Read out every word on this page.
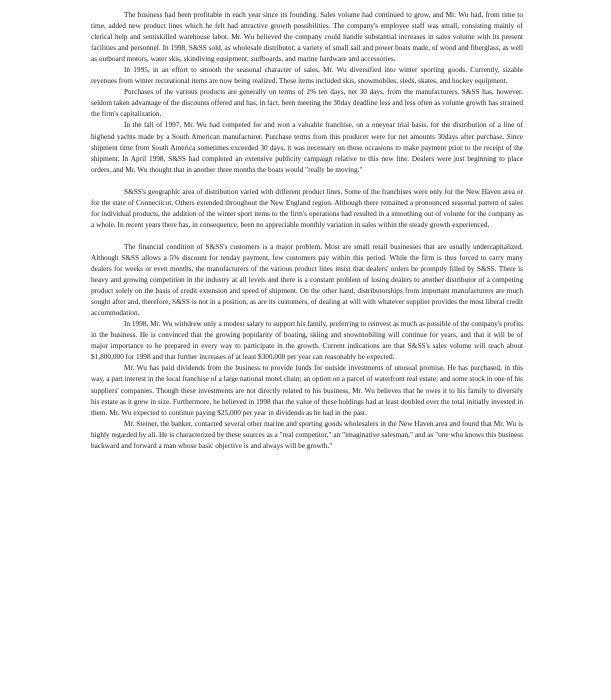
The business had been profitable in each year since its founding. Sales volume had continued to grow, and Mr. Wu had, from time to time, added new product lines which he felt had attractive growth possibilities. The company's employee staff was small, consisting mainly of clerical help and semiskilled warehouse labor. Mr. Wu believed the company could handle substantial increases in sales volume with its present facilities and personnel. In 1998, S&SS sold, as wholesale distributor, a variety of small sail and power boats made, of wood and fiberglass, as well as outboard motors, water skis, skindiving equipment, surfboards, and marine hardware and accessories.

In 1995, in an effort to smooth the seasonal character of sales, Mr. Wu diversified into winter sporting goods. Currently, sizable revenues from winter recreational items are now being realized. These items included skis, snowmobiles, sleds, skates, and hockey equipment.

Purchases of the various products are generally on terms of 2% ten days, net 30 days, from the manufacturers. S&SS has, however, seldom taken advantage of the discounts offered and has, in fact, been meeting the 30day deadline less and less often as volume growth has strained the firm's capitalization.

In the fall of 1997, Mr. Wu had competed for and won a valuable franchise, on a oneyear trial basis, for the distribution of a line of highend yachts made by a South American manufacturer. Purchase terms from this producer were for net amounts 30days after purchase. Since shipment time from South America sometimes exceeded 30 days, it was necessary on those occasions to make payment prior to the receipt of the shipment. In April 1998, S&SS had completed an extensive publicity campaign relative to this new line. Dealers were just beginning to place orders, and Mr. Wu thought that in another three months the boats would "really be moving."

S&SS's geographic area of distribution varied with different product lines. Some of the franchises were only for the New Haven area or for the state of Connecticut. Others extended throughout the New England region. Although there remained a pronounced seasonal pattern of sales for individual products, the addition of the winter sport items to the firm's operations had resulted in a smoothing out of volume for the company as a whole. In recent years there has, in consequence, been no appreciable monthly variation in sales within the steady growth experienced.

The financial condition of S&SS's customers is a major problem. Most are small retail businesses that are usually undercapitalized. Although S&SS allows a 5% discount for tenday payment, few customers pay within this period. While the firm is thus forced to carry many dealers for weeks or even months, the manufacturers of the various product lines insist that dealers' orders be promptly filled by S&SS. There is heavy and growing competition in the industry at all levels and there is a constant problem of losing dealers to another distributor of a competing product solely on the basis of credit extension and speed of shipment. On the other hand, distributorships from important manufacturers are much sought after and, therefore, S&SS is not in a position, as are its customers, of dealing at will with whatever supplier provides the most liberal credit accommodation.

In 1998, Mr. Wu withdrew only a modest salary to support his family, preferring to reinvest as much as possible of the company's profits in the business. He is convinced that the growing popularity of boating, skiing and snowmobiling will continue for years, and that it will be of major importance to be prepared in every way to participate in the growth. Current indications are that S&SS's sales volume will reach about $1,800,000 for 1998 and that further increases of at least $300,000 per year can reasonably be expected.

Mr. Wu has paid dividends from the business to provide funds for outside investments of unusual promise. He has purchased, in this way, a part interest in the local franchise of a large national motel chain; an option on a parcel of waterfront real estate; and some stock in one of his suppliers' companies. Though these investments are not directly related to his business, Mr. Wu believes that he owes it to his family to diversify his estate as it grew in size. Furthermore, he believed in 1998 that the value of these holdings had at least doubled over the total initially invested in them. Mr. Wu expected to continue paying $25,000 per year in dividends as he had in the past.

Mr. Steiner, the banker, contacted several other marine and sporting goods wholesalers in the New Haven area and found that Mr. Wu is highly regarded by all. He is characterized by these sources as a "real competitor," an "imaginative salesman," and as "one who knows this business backward and forward a man whose basic objective is and always will be growth."
